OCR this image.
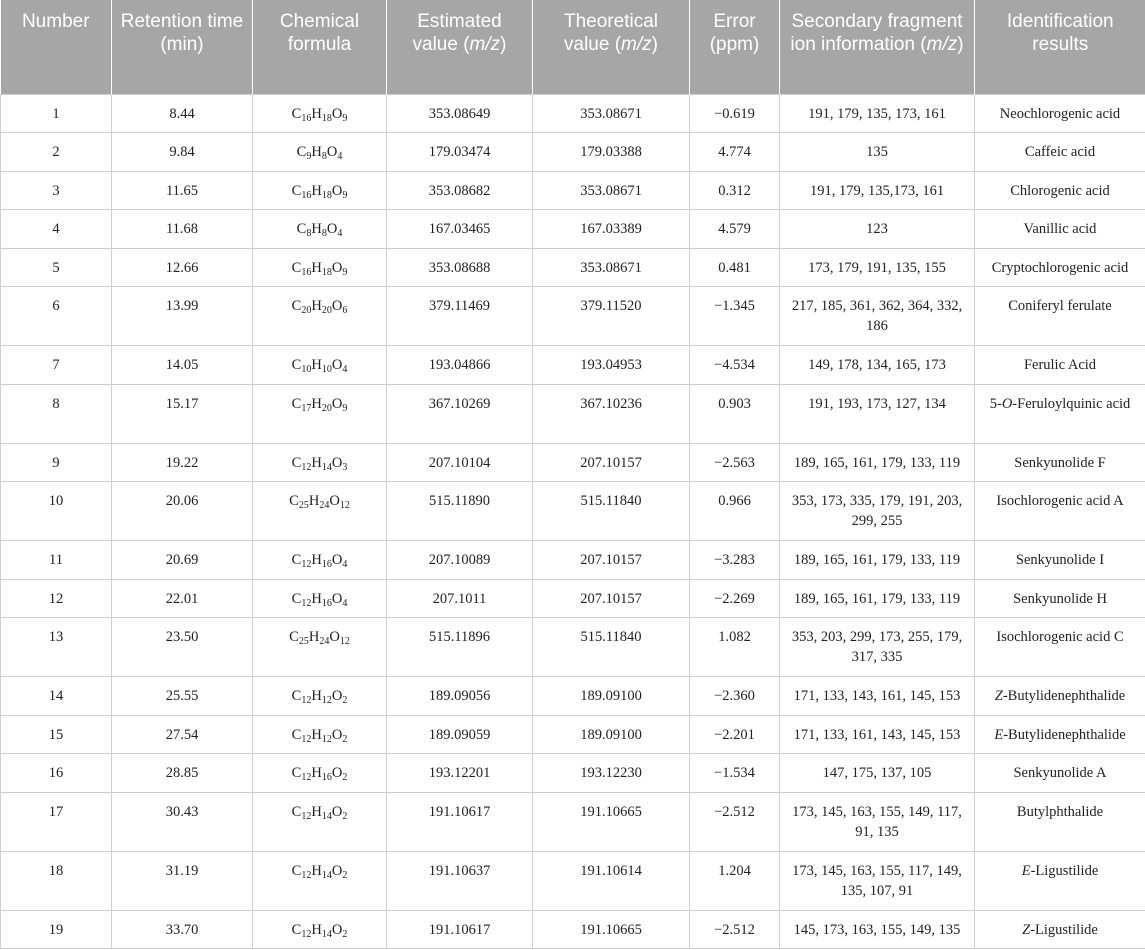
Number	Retention time (min)	Chemical formula	Estimated value (m/z)	Theoretical value (m/z)	Error (ppm)	Secondary fragment ion information (m/z)	Identification results
1	8.44	$C_{16}H_{18}O_9$	353.08649	353.08671	−0.619	191, 179, 135, 173, 161	Neochlorogenic acid
2	9.84	$C_9H_8O_4$	179.03474	179.03388	4.774	135	Caffeic acid
3	11.65	$C_{16}H_{18}O_9$	353.08682	353.08671	0.312	191, 179, 135,173, 161	Chlorogenic acid
4	11.68	$C_8H_8O_4$	167.03465	167.03389	4.579	123	Vanillic acid
5	12.66	$C_{16}H_{18}O_9$	353.08688	353.08671	0.481	173, 179, 191, 135, 155	Cryptochlorogenic acid
6	13.99	$C_{20}H_{20}O_6$	379.11469	379.11520	−1.345	217, 185, 361, 362, 364, 332, 186	Coniferyl ferulate
7	14.05	$C_{10}H_{10}O_4$	193.04866	193.04953	−4.534	149, 178, 134, 165, 173	Ferulic Acid
8	15.17	$C_{17}H_{20}O_9$	367.10269	367.10236	0.903	191, 193, 173, 127, 134	5-O-Feruloylquinic acid
9	19.22	$C_{12}H_{14}O_3$	207.10104	207.10157	−2.563	189, 165, 161, 179, 133, 119	Senkyunolide F
10	20.06	$C_{25}H_{24}O_{12}$	515.11890	515.11840	0.966	353, 173, 335, 179, 191, 203, 299, 255	Isochlorogenic acid A
11	20.69	$C_{12}H_{16}O_4$	207.10089	207.10157	−3.283	189, 165, 161, 179, 133, 119	Senkyunolide I
12	22.01	$C_{12}H_{16}O_4$	207.1011	207.10157	−2.269	189, 165, 161, 179, 133, 119	Senkyunolide H
13	23.50	$C_{25}H_{24}O_{12}$	515.11896	515.11840	1.082	353, 203, 299, 173, 255, 179, 317, 335	Isochlorogenic acid C
14	25.55	$C_{12}H_{12}O_2$	189.09056	189.09100	−2.360	171, 133, 143, 161, 145, 153	Z-Butylidenephthalide
15	27.54	$C_{12}H_{12}O_2$	189.09059	189.09100	−2.201	171, 133, 161, 143, 145, 153	E-Butylidenephthalide
16	28.85	$C_{12}H_{16}O_2$	193.12201	193.12230	−1.534	147, 175, 137, 105	Senkyunolide A
17	30.43	$C_{12}H_{14}O_2$	191.10617	191.10665	−2.512	173, 145, 163, 155, 149, 117, 91, 135	Butylphthalide
18	31.19	$C_{12}H_{14}O_2$	191.10637	191.10614	1.204	173, 145, 163, 155, 117, 149, 135, 107, 91	E-Ligustilide
19	33.70	$C_{12}H_{14}O_2$	191.10617	191.10665	−2.512	145, 173, 163, 155, 149, 135	Z-Ligustilide
